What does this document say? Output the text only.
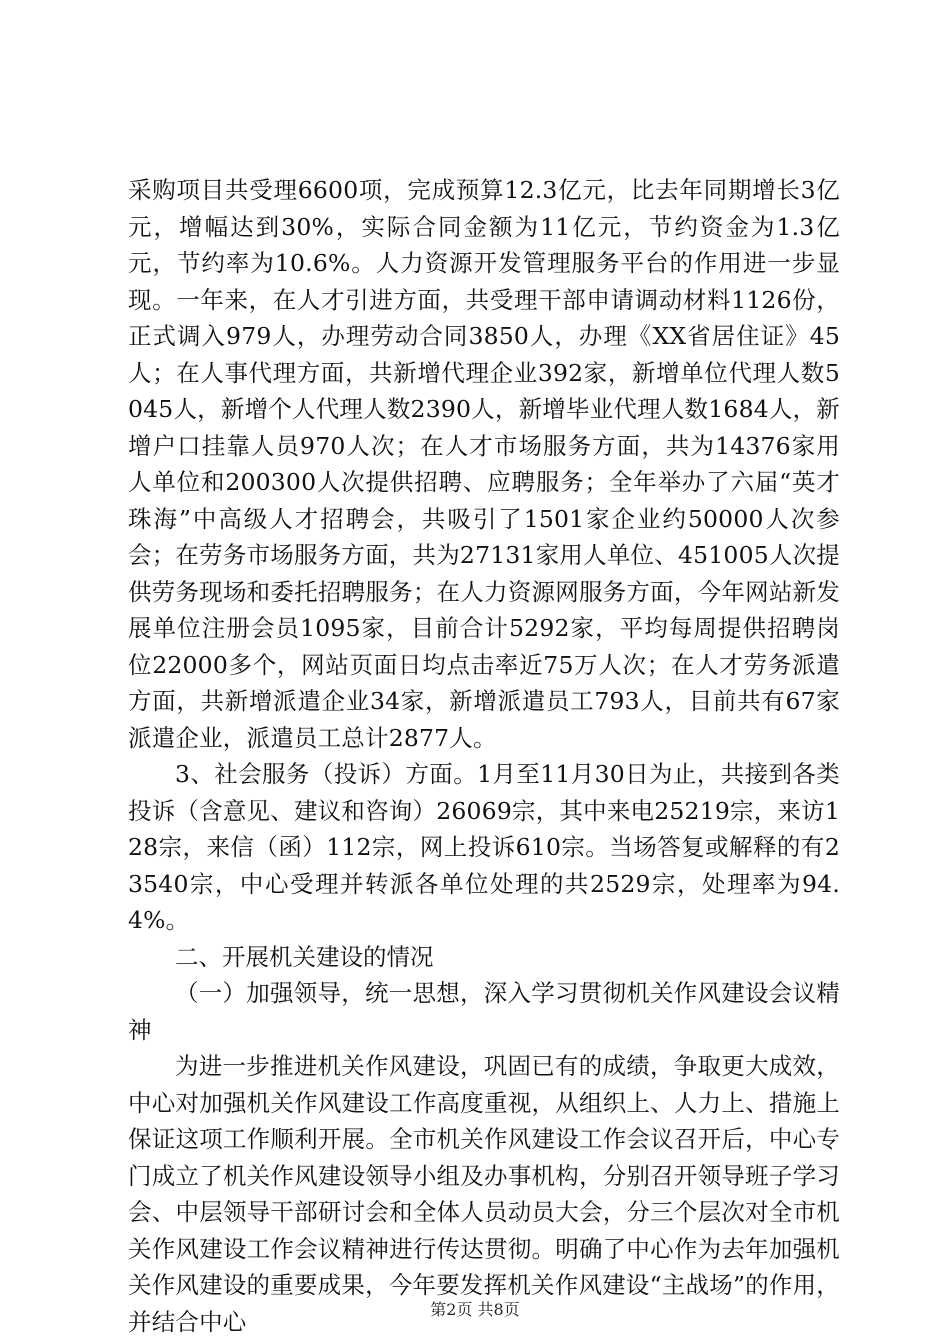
采购项目共受理6600项，完成预算12.3亿元，比去年同期增长3亿元，增幅达到30%，实际合同金额为11亿元，节约资金为1.3亿元，节约率为10.6%。人力资源开发管理服务平台的作用进一步显现。一年来，在人才引进方面，共受理干部申请调动材料1126份，正式调入979人，办理劳动合同3850人，办理《XX省居住证》45人；在人事代理方面，共新增代理企业392家，新增单位代理人数5045人，新增个人代理人数2390人，新增毕业代理人数1684人，新增户口挂靠人员970人次；在人才市场服务方面，共为14376家用人单位和200300人次提供招聘、应聘服务；全年举办了六届“英才珠海”中高级人才招聘会，共吸引了1501家企业约50000人次参会；在劳务市场服务方面，共为27131家用人单位、451005人次提供劳务现场和委托招聘服务；在人力资源网服务方面，今年网站新发展单位注册会员1095家，目前合计5292家，平均每周提供招聘岗位22000多个，网站页面日均点击率近75万人次；在人才劳务派遣方面，共新增派遣企业34家，新增派遣员工793人，目前共有67家派遣企业，派遣员工总计2877人。

3、社会服务（投诉）方面。1月至11月30日为止，共接到各类投诉（含意见、建议和咨询）26069宗，其中来电25219宗，来访128宗，来信（函）112宗，网上投诉610宗。当场答复或解释的有23540宗，中心受理并转派各单位处理的共2529宗，处理率为94.4%。

二、开展机关建设的情况

（一）加强领导，统一思想，深入学习贯彻机关作风建设会议精神

为进一步推进机关作风建设，巩固已有的成绩，争取更大成效，中心对加强机关作风建设工作高度重视，从组织上、人力上、措施上保证这项工作顺利开展。全市机关作风建设工作会议召开后，中心专门成立了机关作风建设领导小组及办事机构，分别召开领导班子学习会、中层领导干部研讨会和全体人员动员大会，分三个层次对全市机关作风建设工作会议精神进行传达贯彻。明确了中心作为去年加强机关作风建设的重要成果，今年要发挥机关作风建设“主战场”的作用，并结合中心	第2页 共8页
